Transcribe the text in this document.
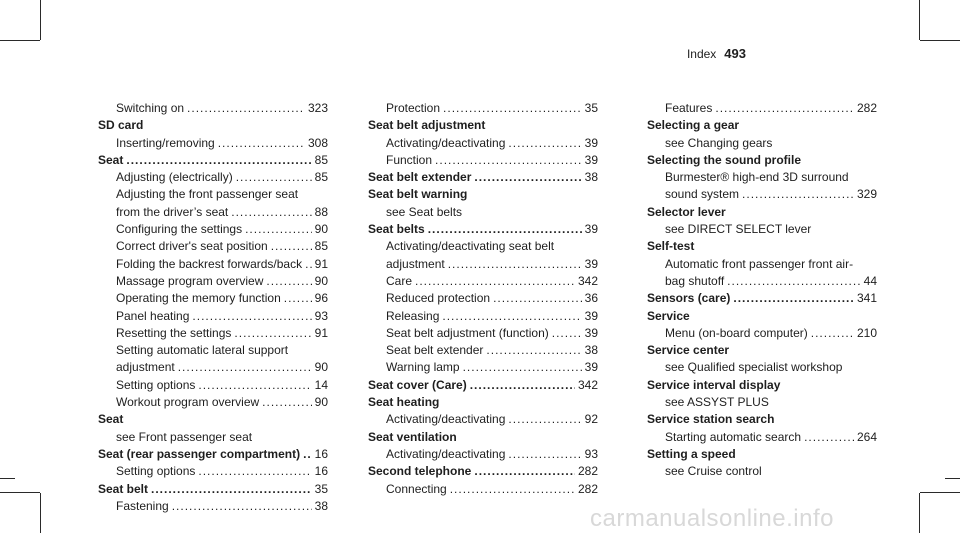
Index 493
Switching on .....	323
SD card
Inserting/removing .....	308
Seat .....	85
Adjusting (electrically) .....	85
Adjusting the front passenger seat
from the driver’s seat .....	88
Configuring the settings .....	90
Correct driver's seat position .....	85
Folding the backrest forwards/back ..... 91
Massage program overview .....	90
Operating the memory function .....	96
Panel heating .....	93
Resetting the settings .....	91
Setting automatic lateral support
adjustment .....	90
Setting options .....	14
Workout program overview .....	90
Seat
see Front passenger seat
Seat (rear passenger compartment) ..... 16
Setting options .....	16
Seat belt .....	35
Fastening .....	38
Protection .....	35
Seat belt adjustment
Activating/deactivating .....	39
Function .....	39
Seat belt extender .....	38
Seat belt warning
see Seat belts
Seat belts .....	39
Activating/deactivating seat belt
adjustment .....	39
Care .....	342
Reduced protection .....	36
Releasing .....	39
Seat belt adjustment (function) .....	39
Seat belt extender .....	38
Warning lamp .....	39
Seat cover (Care) .....	342
Seat heating
Activating/deactivating .....	92
Seat ventilation
Activating/deactivating .....	93
Second telephone .....	282
Connecting .....	282
Features .....	282
Selecting a gear
see Changing gears
Selecting the sound profile
Burmester® high-end 3D surround
sound system .....	329
Selector lever
see DIRECT SELECT lever
Self-test
Automatic front passenger front air-
bag shutoff .....	44
Sensors (care) .....	341
Service
Menu (on-board computer) .....	210
Service center
see Qualified specialist workshop
Service interval display
see ASSYST PLUS
Service station search
Starting automatic search .....	264
Setting a speed
see Cruise control
carmanualsonline.info
